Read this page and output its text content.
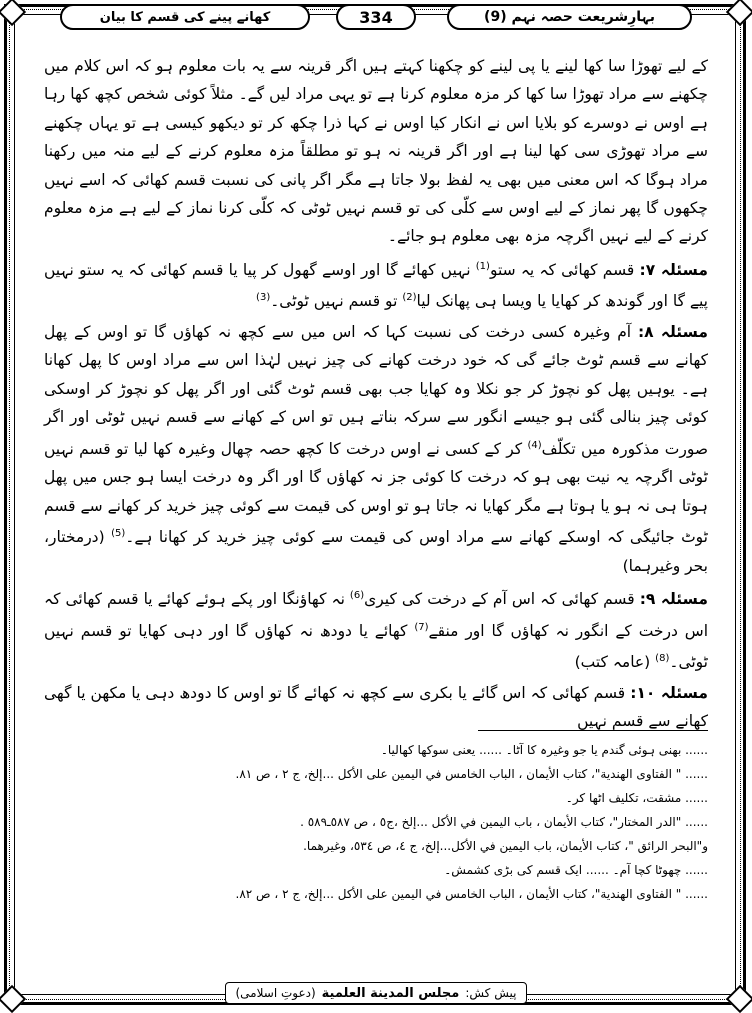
بہارِشریعت حصہ نہم (9)
334
کھانے پینے کی قسم کا بیان

کے لیے تھوڑا سا کھا لینے یا پی لینے کو چکھنا کہتے ہیں اگر قرینہ سے یہ بات معلوم ہو کہ اس کلام میں چکھنے سے مراد تھوڑا سا کھا کر مزہ معلوم کرنا ہے تو یہی مراد لیں گے۔ مثلاً کوئی شخص کچھ کھا رہا ہے اوس نے دوسرے کو بلایا اس نے انکار کیا اوس نے کہا ذرا چکھ کر تو دیکھو کیسی ہے تو یہاں چکھنے سے مراد تھوڑی سی کھا لینا ہے اور اگر قرینہ نہ ہو تو مطلقاً مزہ معلوم کرنے کے لیے منہ میں رکھنا مراد ہوگا کہ اس معنی میں بھی یہ لفظ بولا جاتا ہے مگر اگر پانی کی نسبت قسم کھائی کہ اسے نہیں چکھوں گا پھر نماز کے لیے اوس سے کلّی کی تو قسم نہیں ٹوٹی کہ کلّی کرنا نماز کے لیے ہے مزہ معلوم کرنے کے لیے نہیں اگرچہ مزہ بھی معلوم ہو جائے۔

مسئلہ ۷: قسم کھائی کہ یہ ستو$^{(1)}$ نہیں کھائے گا اور اوسے گھول کر پیا یا قسم کھائی کہ یہ ستو نہیں پیے گا اور گوندھ کر کھایا یا ویسا ہی پھانک لیا$^{(2)}$ تو قسم نہیں ٹوٹی۔$^{(3)}$

مسئلہ ۸: آم وغیرہ کسی درخت کی نسبت کہا کہ اس میں سے کچھ نہ کھاؤں گا تو اوس کے پھل کھانے سے قسم ٹوٹ جائے گی کہ خود درخت کھانے کی چیز نہیں لہٰذا اس سے مراد اوس کا پھل کھانا ہے۔ یوہیں پھل کو نچوڑ کر جو نکلا وہ کھایا جب بھی قسم ٹوٹ گئی اور اگر پھل کو نچوڑ کر اوسکی کوئی چیز بنالی گئی ہو جیسے انگور سے سرکہ بناتے ہیں تو اس کے کھانے سے قسم نہیں ٹوٹی اور اگر صورت مذکورہ میں تکلّف$^{(4)}$ کر کے کسی نے اوس درخت کا کچھ حصہ چھال وغیرہ کھا لیا تو قسم نہیں ٹوٹی اگرچہ یہ نیت بھی ہو کہ درخت کا کوئی جز نہ کھاؤں گا اور اگر وہ درخت ایسا ہو جس میں پھل ہوتا ہی نہ ہو یا ہوتا ہے مگر کھایا نہ جاتا ہو تو اوس کی قیمت سے کوئی چیز خرید کر کھانے سے قسم ٹوٹ جائیگی کہ اوسکے کھانے سے مراد اوس کی قیمت سے کوئی چیز خرید کر کھانا ہے۔$^{(5)}$ (درمختار، بحر وغیرہما)

مسئلہ ۹: قسم کھائی کہ اس آم کے درخت کی کیری$^{(6)}$ نہ کھاؤنگا اور پکے ہوئے کھائے یا قسم کھائی کہ اس درخت کے انگور نہ کھاؤں گا اور منقے$^{(7)}$ کھائے یا دودھ نہ کھاؤں گا اور دہی کھایا تو قسم نہیں ٹوٹی۔$^{(8)}$ (عامہ کتب)

مسئلہ ۱۰: قسم کھائی کہ اس گائے یا بکری سے کچھ نہ کھائے گا تو اوس کا دودھ دہی یا مکھن یا گھی کھانے سے قسم نہیں

...... بھنی ہوئی گندم یا جو وغیرہ کا آٹا۔ ...... یعنی سوکھا کھالیا۔
...... " الفتاوی الهندية"، كتاب الأيمان ، الباب الخامس في اليمين على الأكل ...إلخ، ج ٢ ، ص ٨١.
...... مشقت، تکلیف اٹھا کر۔
...... "الدر المختار"، كتاب الأيمان ، باب اليمين في الأكل ...إلخ ،ج٥ ، ص ٥٨٧ـ٥٨٩ .
و"البحر الرائق "، كتاب الأيمان، باب اليمين في الأكل...إلخ، ج ٤، ص ٥٣٤، وغيرهما.
...... چھوٹا کچا آم۔ ...... ایک قسم کی بڑی کشمش۔
...... " الفتاوی الهندية"، كتاب الأيمان ، الباب الخامس في اليمين على الأكل ...إلخ، ج ٢ ، ص ٨٢.
پیش کش:
مجلس المدينة العلمية
(دعوتِ اسلامی)
